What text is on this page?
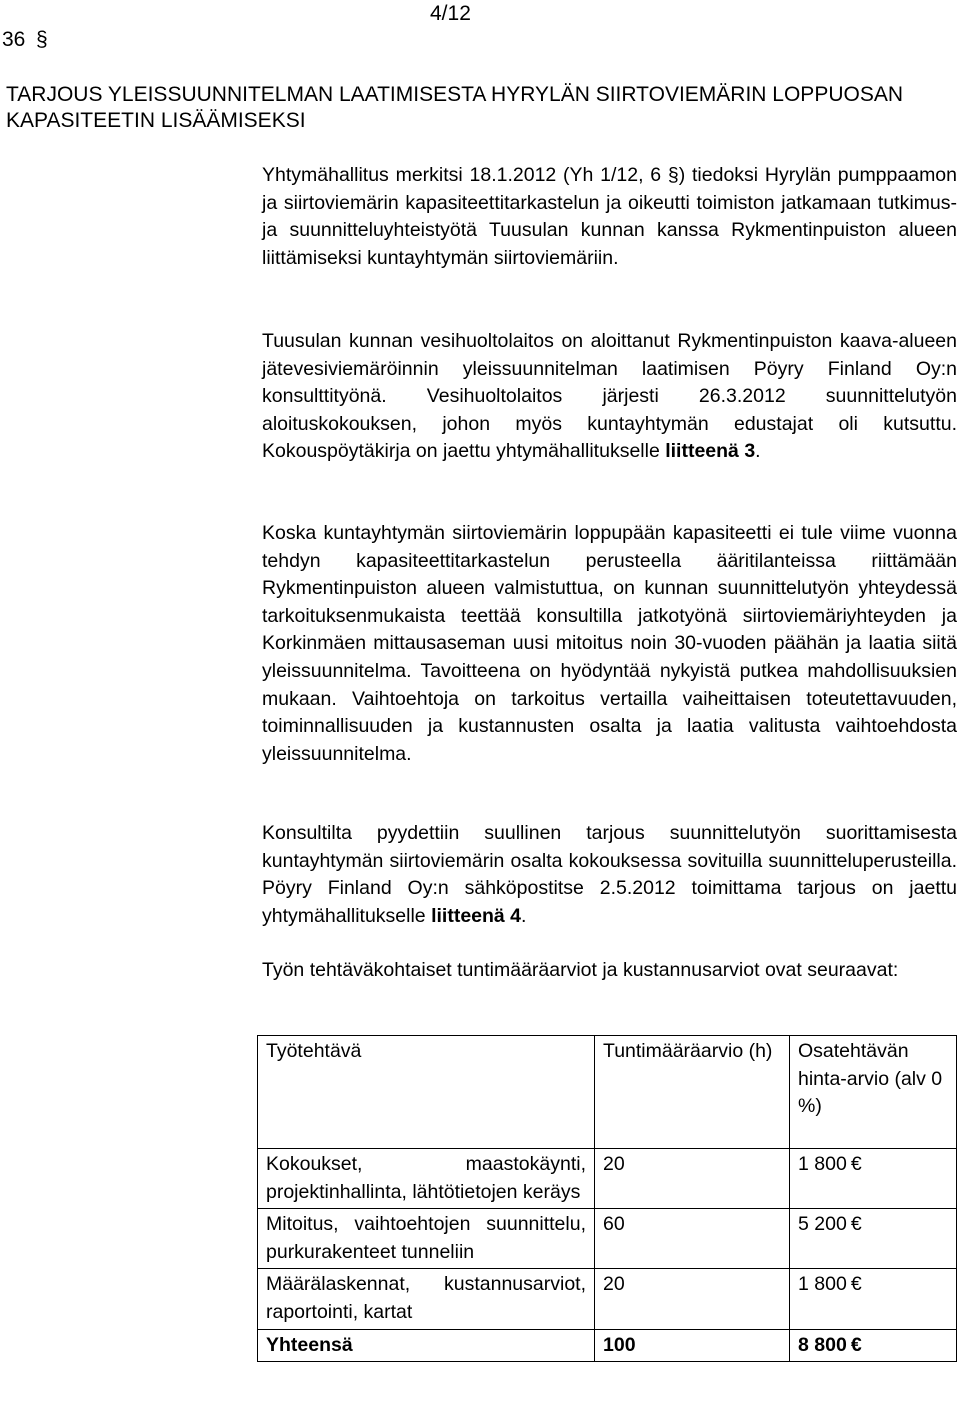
36 §
4/12
TARJOUS YLEISSUUNNITELMAN LAATIMISESTA HYRYLÄN SIIRTOVIEMÄRIN LOPPUOSAN KAPASITEETIN LISÄÄMISEKSI
Yhtymähallitus merkitsi 18.1.2012 (Yh 1/12, 6 §) tiedoksi Hyrylän pumppaamon ja siirtoviemärin kapasiteettitarkastelun ja oikeutti toimiston jatkamaan tutkimus- ja suunnitteluyhteistyötä Tuusulan kunnan kanssa Rykmentinpuiston alueen liittämiseksi kuntayhtymän siirtoviemäriin.
Tuusulan kunnan vesihuoltolaitos on aloittanut Rykmentinpuiston kaava-alueen jätevesiviemäröinnin yleissuunnitelman laatimisen Pöyry Finland Oy:n konsulttityönä. Vesihuoltolaitos järjesti 26.3.2012 suunnittelutyön aloituskokouksen, johon myös kuntayhtymän edustajat oli kutsuttu. Kokouspöytäkirja on jaettu yhtymähallitukselle liitteenä 3.
Koska kuntayhtymän siirtoviemärin loppupään kapasiteetti ei tule viime vuonna tehdyn kapasiteettitarkastelun perusteella ääritilanteissa riittämään Rykmentinpuiston alueen valmistuttua, on kunnan suunnittelutyön yhteydessä tarkoituksenmukaista teettää konsultilla jatkotyönä siirtoviemäriyhteyden ja Korkinmäen mittausaseman uusi mitoitus noin 30-vuoden päähän ja laatia siitä yleissuunnitelma. Tavoitteena on hyödyntää nykyistä putkea mahdollisuuksien mukaan. Vaihtoehtoja on tarkoitus vertailla vaiheittaisen toteutettavuuden, toiminnallisuuden ja kustannusten osalta ja laatia valitusta vaihtoehdosta yleissuunnitelma.
Konsultilta pyydettiin suullinen tarjous suunnittelutyön suorittamisesta kuntayhtymän siirtoviemärin osalta kokouksessa sovituilla suunnitteluperusteilla. Pöyry Finland Oy:n sähköpostitse 2.5.2012 toimittama tarjous on jaettu yhtymähallitukselle liitteenä 4.
Työn tehtäväkohtaiset tuntimääräarviot ja kustannusarviot ovat seuraavat:
Työtehtävä	Tuntimääräarvio (h)	Osatehtävän hinta-arvio (alv 0 %)
Kokoukset, maastokäynti, projektinhallinta, lähtötietojen keräys	20	1 800 €
Mitoitus, vaihtoehtojen suunnittelu, purkurakenteet tunneliin	60	5 200 €
Määrälaskennat, kustannusarviot, raportointi, kartat	20	1 800 €
Yhteensä	100	8 800 €
